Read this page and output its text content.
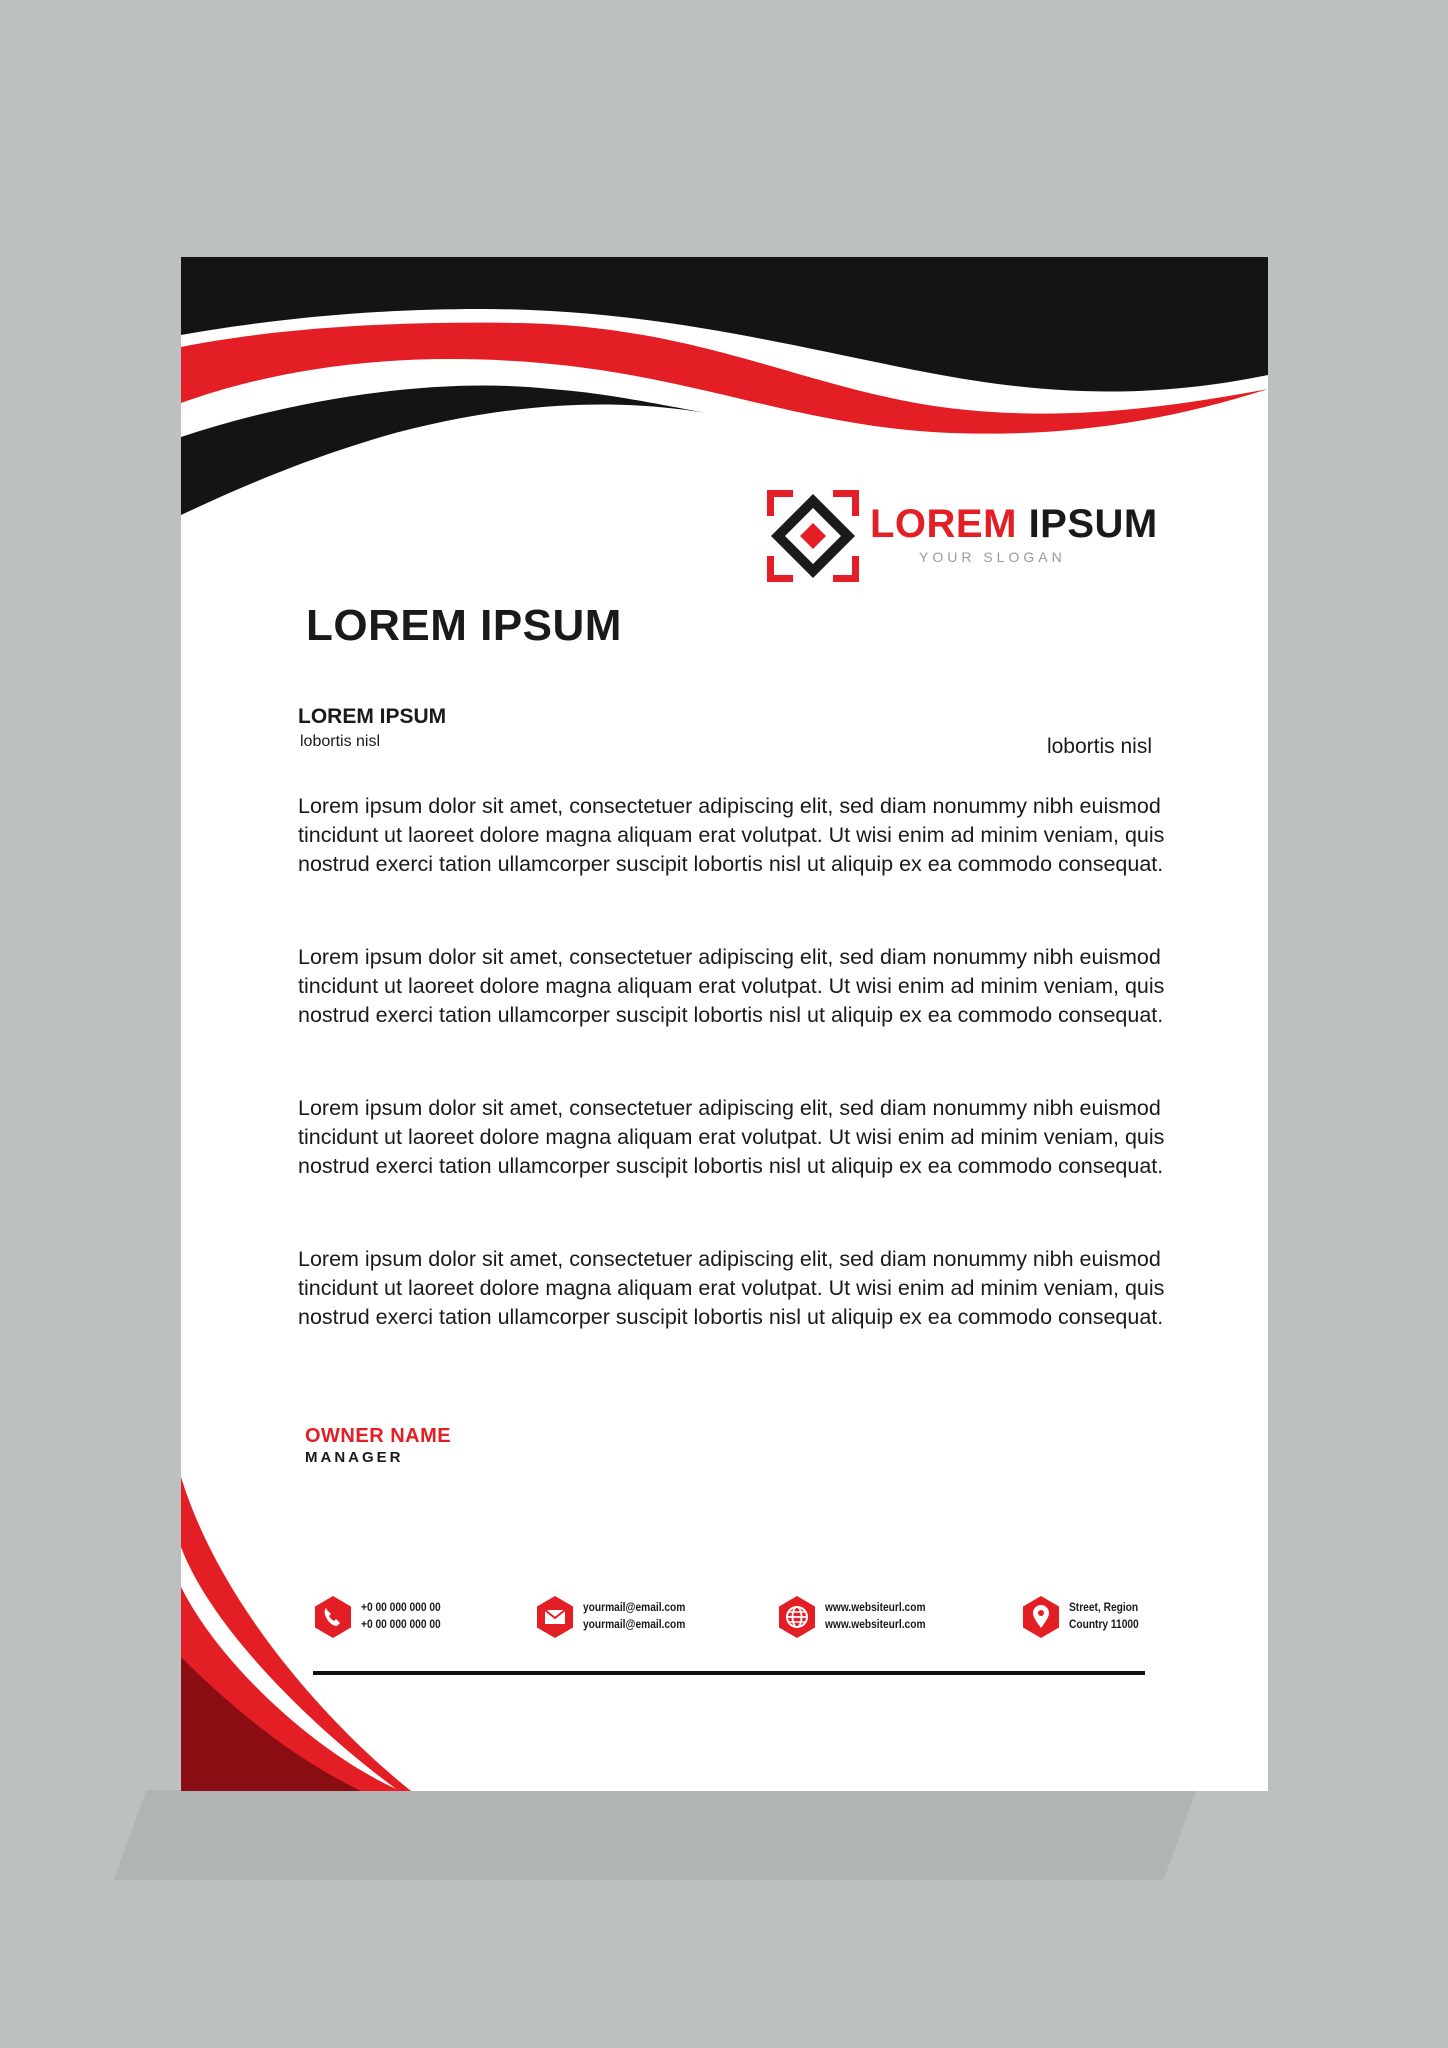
LOREM IPSUM
YOUR SLOGAN
LOREM IPSUM
LOREM IPSUM
lobortis nisl	lobortis nisl
Lorem ipsum dolor sit amet, consectetuer adipiscing elit, sed diam nonummy nibh euismod tincidunt ut laoreet dolore magna aliquam erat volutpat. Ut wisi enim ad minim veniam, quis nostrud exerci tation ullamcorper suscipit lobortis nisl ut aliquip ex ea commodo consequat.
Lorem ipsum dolor sit amet, consectetuer adipiscing elit, sed diam nonummy nibh euismod tincidunt ut laoreet dolore magna aliquam erat volutpat. Ut wisi enim ad minim veniam, quis nostrud exerci tation ullamcorper suscipit lobortis nisl ut aliquip ex ea commodo consequat.
Lorem ipsum dolor sit amet, consectetuer adipiscing elit, sed diam nonummy nibh euismod tincidunt ut laoreet dolore magna aliquam erat volutpat. Ut wisi enim ad minim veniam, quis nostrud exerci tation ullamcorper suscipit lobortis nisl ut aliquip ex ea commodo consequat.
Lorem ipsum dolor sit amet, consectetuer adipiscing elit, sed diam nonummy nibh euismod tincidunt ut laoreet dolore magna aliquam erat volutpat. Ut wisi enim ad minim veniam, quis nostrud exerci tation ullamcorper suscipit lobortis nisl ut aliquip ex ea commodo consequat.
OWNER NAME
MANAGER
+0 00 000 000 00
+0 00 000 000 00
yourmail@email.com
yourmail@email.com
www.websiteurl.com
www.websiteurl.com
Street, Region
Country 11000
